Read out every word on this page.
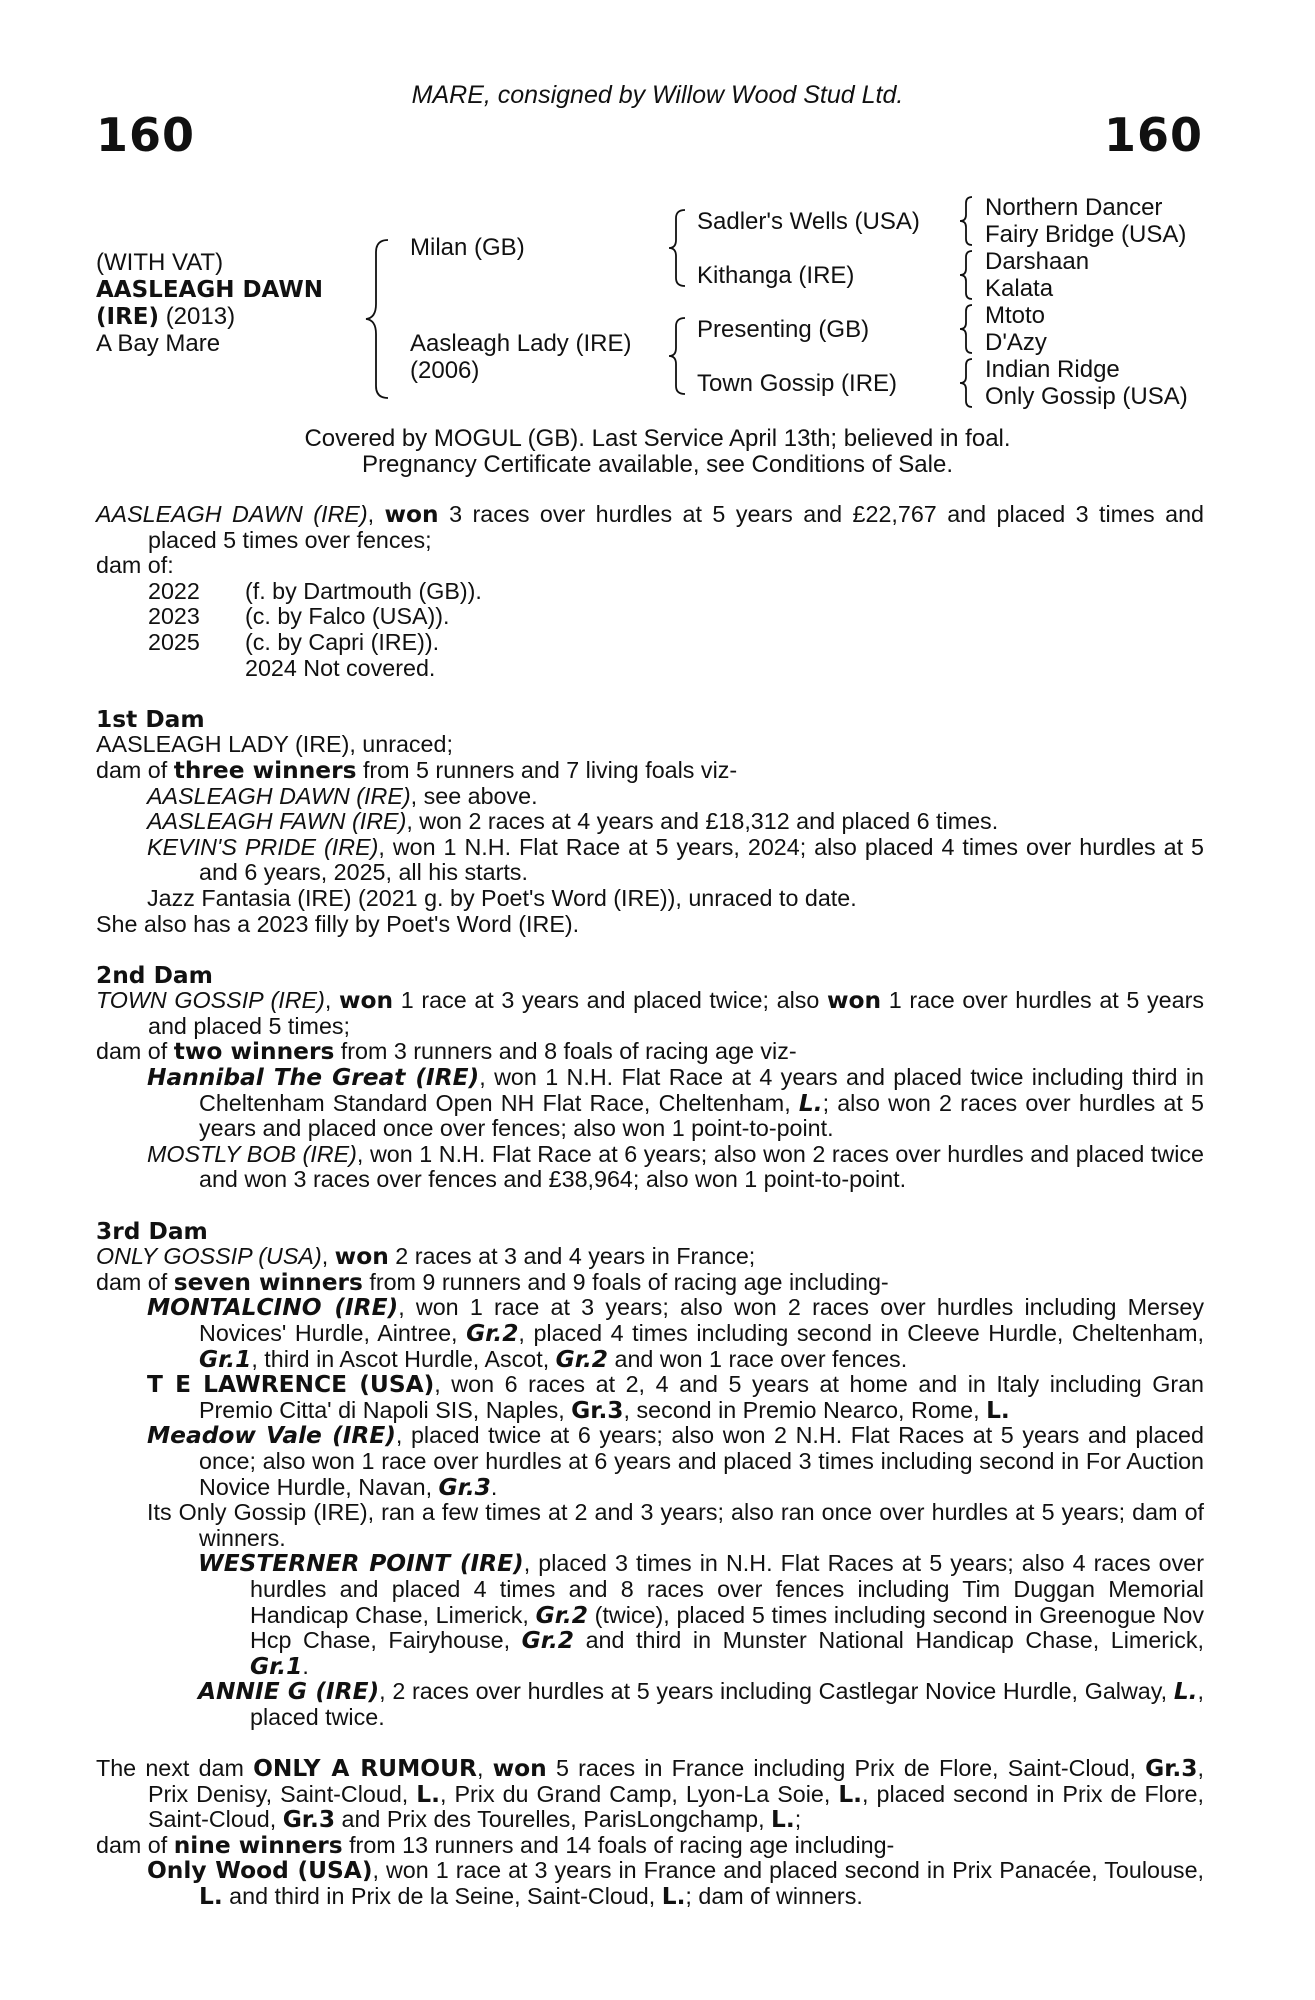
MARE, consigned by Willow Wood Stud Ltd.
160	160
(WITH VAT)
AASLEAGH DAWN
(IRE) (2013)
A Bay Mare
Milan (GB)
Aasleagh Lady (IRE)
(2006)
Sadler's Wells (USA)
Kithanga (IRE)
Presenting (GB)
Town Gossip (IRE)
Northern Dancer
Fairy Bridge (USA)
Darshaan
Kalata
Mtoto
D'Azy
Indian Ridge
Only Gossip (USA)
Covered by MOGUL (GB). Last Service April 13th; believed in foal.
Pregnancy Certificate available, see Conditions of Sale.

AASLEAGH DAWN (IRE), won 3 races over hurdles at 5 years and £22,767 and placed 3 times and placed 5 times over fences;

dam of:

2022 (f. by Dartmouth (GB)).

2023 (c. by Falco (USA)).

2025 (c. by Capri (IRE)).

2024 Not covered.

1st Dam

AASLEAGH LADY (IRE), unraced;

dam of three winners from 5 runners and 7 living foals viz-

AASLEAGH DAWN (IRE), see above.

AASLEAGH FAWN (IRE), won 2 races at 4 years and £18,312 and placed 6 times.

KEVIN'S PRIDE (IRE), won 1 N.H. Flat Race at 5 years, 2024; also placed 4 times over hurdles at 5 and 6 years, 2025, all his starts.

Jazz Fantasia (IRE) (2021 g. by Poet's Word (IRE)), unraced to date.

She also has a 2023 filly by Poet's Word (IRE).

2nd Dam

TOWN GOSSIP (IRE), won 1 race at 3 years and placed twice; also won 1 race over hurdles at 5 years and placed 5 times;

dam of two winners from 3 runners and 8 foals of racing age viz-

Hannibal The Great (IRE), won 1 N.H. Flat Race at 4 years and placed twice including third in Cheltenham Standard Open NH Flat Race, Cheltenham, L.; also won 2 races over hurdles at 5 years and placed once over fences; also won 1 point-to-point.

MOSTLY BOB (IRE), won 1 N.H. Flat Race at 6 years; also won 2 races over hurdles and placed twice and won 3 races over fences and £38,964; also won 1 point-to-point.

3rd Dam

ONLY GOSSIP (USA), won 2 races at 3 and 4 years in France;

dam of seven winners from 9 runners and 9 foals of racing age including-

MONTALCINO (IRE), won 1 race at 3 years; also won 2 races over hurdles including Mersey Novices' Hurdle, Aintree, Gr.2, placed 4 times including second in Cleeve Hurdle, Cheltenham, Gr.1, third in Ascot Hurdle, Ascot, Gr.2 and won 1 race over fences.

T E LAWRENCE (USA), won 6 races at 2, 4 and 5 years at home and in Italy including Gran Premio Citta' di Napoli SIS, Naples, Gr.3, second in Premio Nearco, Rome, L.

Meadow Vale (IRE), placed twice at 6 years; also won 2 N.H. Flat Races at 5 years and placed once; also won 1 race over hurdles at 6 years and placed 3 times including second in For Auction Novice Hurdle, Navan, Gr.3.

Its Only Gossip (IRE), ran a few times at 2 and 3 years; also ran once over hurdles at 5 years; dam of winners.

WESTERNER POINT (IRE), placed 3 times in N.H. Flat Races at 5 years; also 4 races over hurdles and placed 4 times and 8 races over fences including Tim Duggan Memorial Handicap Chase, Limerick, Gr.2 (twice), placed 5 times including second in Greenogue Nov Hcp Chase, Fairyhouse, Gr.2 and third in Munster National Handicap Chase, Limerick, Gr.1.

ANNIE G (IRE), 2 races over hurdles at 5 years including Castlegar Novice Hurdle, Galway, L., placed twice.

The next dam ONLY A RUMOUR, won 5 races in France including Prix de Flore, Saint-Cloud, Gr.3, Prix Denisy, Saint-Cloud, L., Prix du Grand Camp, Lyon-La Soie, L., placed second in Prix de Flore, Saint-Cloud, Gr.3 and Prix des Tourelles, ParisLongchamp, L.;

dam of nine winners from 13 runners and 14 foals of racing age including-

Only Wood (USA), won 1 race at 3 years in France and placed second in Prix Panacée, Toulouse, L. and third in Prix de la Seine, Saint-Cloud, L.; dam of winners.
